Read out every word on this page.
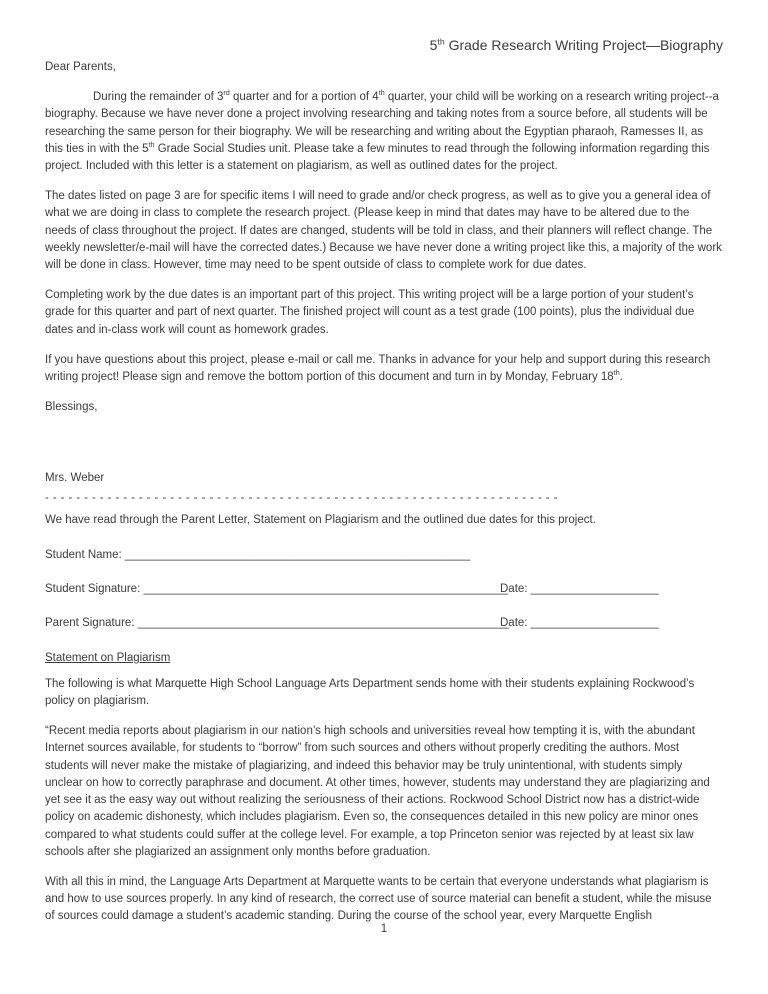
5th Grade Research Writing Project—Biography

Dear Parents,

During the remainder of 3rd quarter and for a portion of 4th quarter, your child will be working on a research writing project--a biography. Because we have never done a project involving researching and taking notes from a source before, all students will be researching the same person for their biography. We will be researching and writing about the Egyptian pharaoh, Ramesses II, as this ties in with the 5th Grade Social Studies unit. Please take a few minutes to read through the following information regarding this project. Included with this letter is a statement on plagiarism, as well as outlined dates for the project.

The dates listed on page 3 are for specific items I will need to grade and/or check progress, as well as to give you a general idea of what we are doing in class to complete the research project. (Please keep in mind that dates may have to be altered due to the needs of class throughout the project. If dates are changed, students will be told in class, and their planners will reflect change. The weekly newsletter/e-mail will have the corrected dates.) Because we have never done a writing project like this, a majority of the work will be done in class. However, time may need to be spent outside of class to complete work for due dates.

Completing work by the due dates is an important part of this project. This writing project will be a large portion of your student’s grade for this quarter and part of next quarter. The finished project will count as a test grade (100 points), plus the individual due dates and in-class work will count as homework grades.

If you have questions about this project, please e-mail or call me. Thanks in advance for your help and support during this research writing project! Please sign and remove the bottom portion of this document and turn in by Monday, February 18th.

Blessings,

Mrs. Weber

- - - - - - - - - - - - - - - - - - - - - - - - - - - - - - - - - - - - - - - - - - - - - - - - - - - - - - - - - - - - - - - - - -

We have read through the Parent Letter, Statement on Plagiarism and the outlined due dates for this project.

Student Name: ______________________________________________________
Student Signature: _________________________________________________________
Date: ____________________
Parent Signature: __________________________________________________________
Date: ____________________

Statement on Plagiarism

The following is what Marquette High School Language Arts Department sends home with their students explaining Rockwood’s policy on plagiarism.

“Recent media reports about plagiarism in our nation’s high schools and universities reveal how tempting it is, with the abundant Internet sources available, for students to “borrow” from such sources and others without properly crediting the authors. Most students will never make the mistake of plagiarizing, and indeed this behavior may be truly unintentional, with students simply unclear on how to correctly paraphrase and document. At other times, however, students may understand they are plagiarizing and yet see it as the easy way out without realizing the seriousness of their actions. Rockwood School District now has a district-wide policy on academic dishonesty, which includes plagiarism. Even so, the consequences detailed in this new policy are minor ones compared to what students could suffer at the college level. For example, a top Princeton senior was rejected by at least six law schools after she plagiarized an assignment only months before graduation.

With all this in mind, the Language Arts Department at Marquette wants to be certain that everyone understands what plagiarism is and how to use sources properly. In any kind of research, the correct use of source material can benefit a student, while the misuse of sources could damage a student’s academic standing. During the course of the school year, every Marquette English

1
